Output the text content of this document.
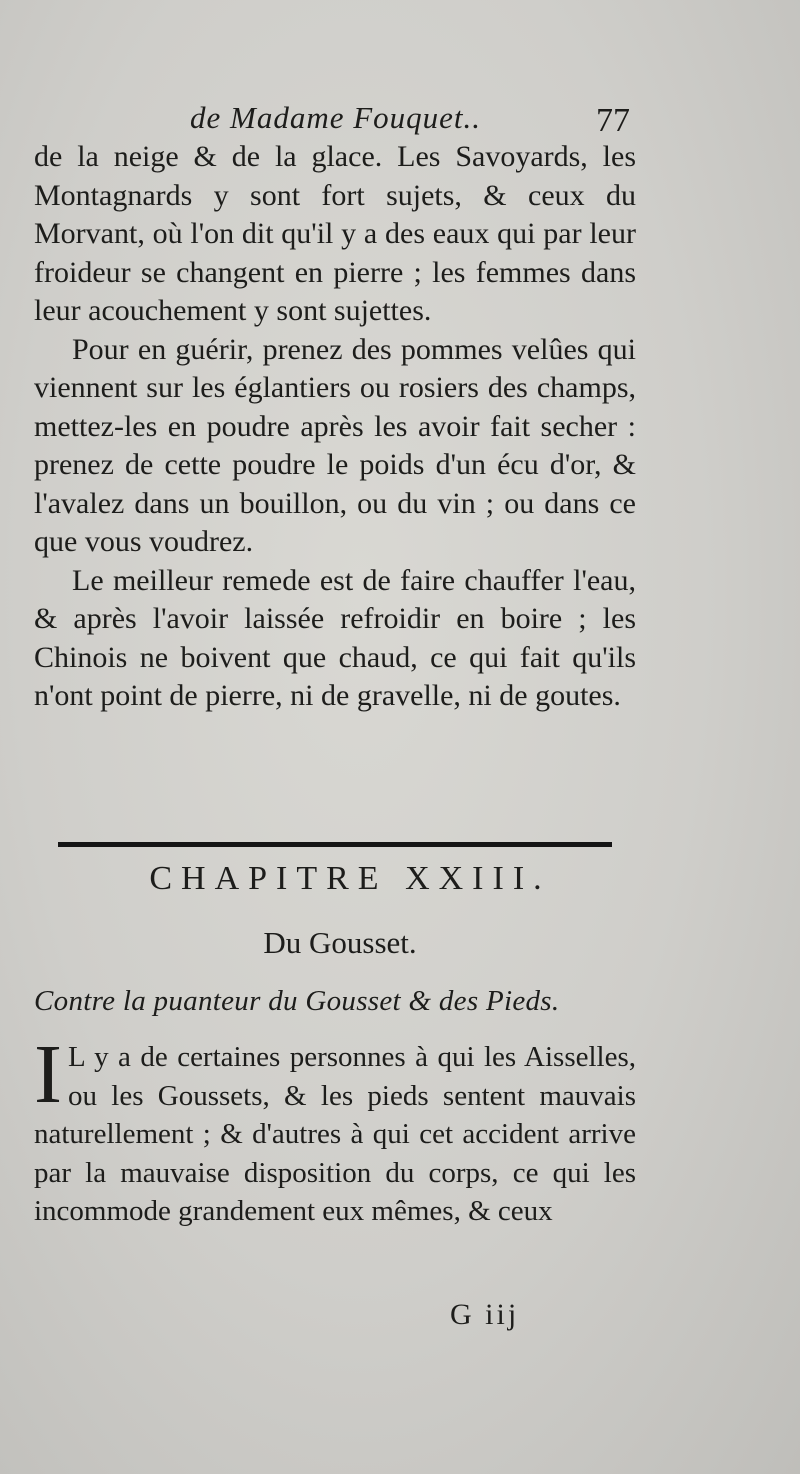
de Madame Fouquet..	77

de la neige & de la glace. Les Savoyards, les Montagnards y sont fort sujets, & ceux du Morvant, où l'on dit qu'il y a des eaux qui par leur froideur se changent en pierre ; les femmes dans leur acouchement y sont sujettes.

Pour en guérir, prenez des pommes velûes qui viennent sur les églantiers ou rosiers des champs, mettez-les en poudre après les avoir fait secher : prenez de cette poudre le poids d'un écu d'or, & l'avalez dans un bouillon, ou du vin ; ou dans ce que vous voudrez.

Le meilleur remede est de faire chauffer l'eau, & après l'avoir laissée refroidir en boire ; les Chinois ne boivent que chaud, ce qui fait qu'ils n'ont point de pierre, ni de gravelle, ni de goutes.

CHAPITRE XXIII.
Du Gousset.
Contre la puanteur du Gousset & des Pieds.
I L y a de certaines personnes à qui les Aisselles, ou les Goussets, & les pieds sentent mauvais naturellement ; & d'autres à qui cet accident arrive par la mauvaise disposition du corps, ce qui les incommode grandement eux mêmes, & ceux

G iij
